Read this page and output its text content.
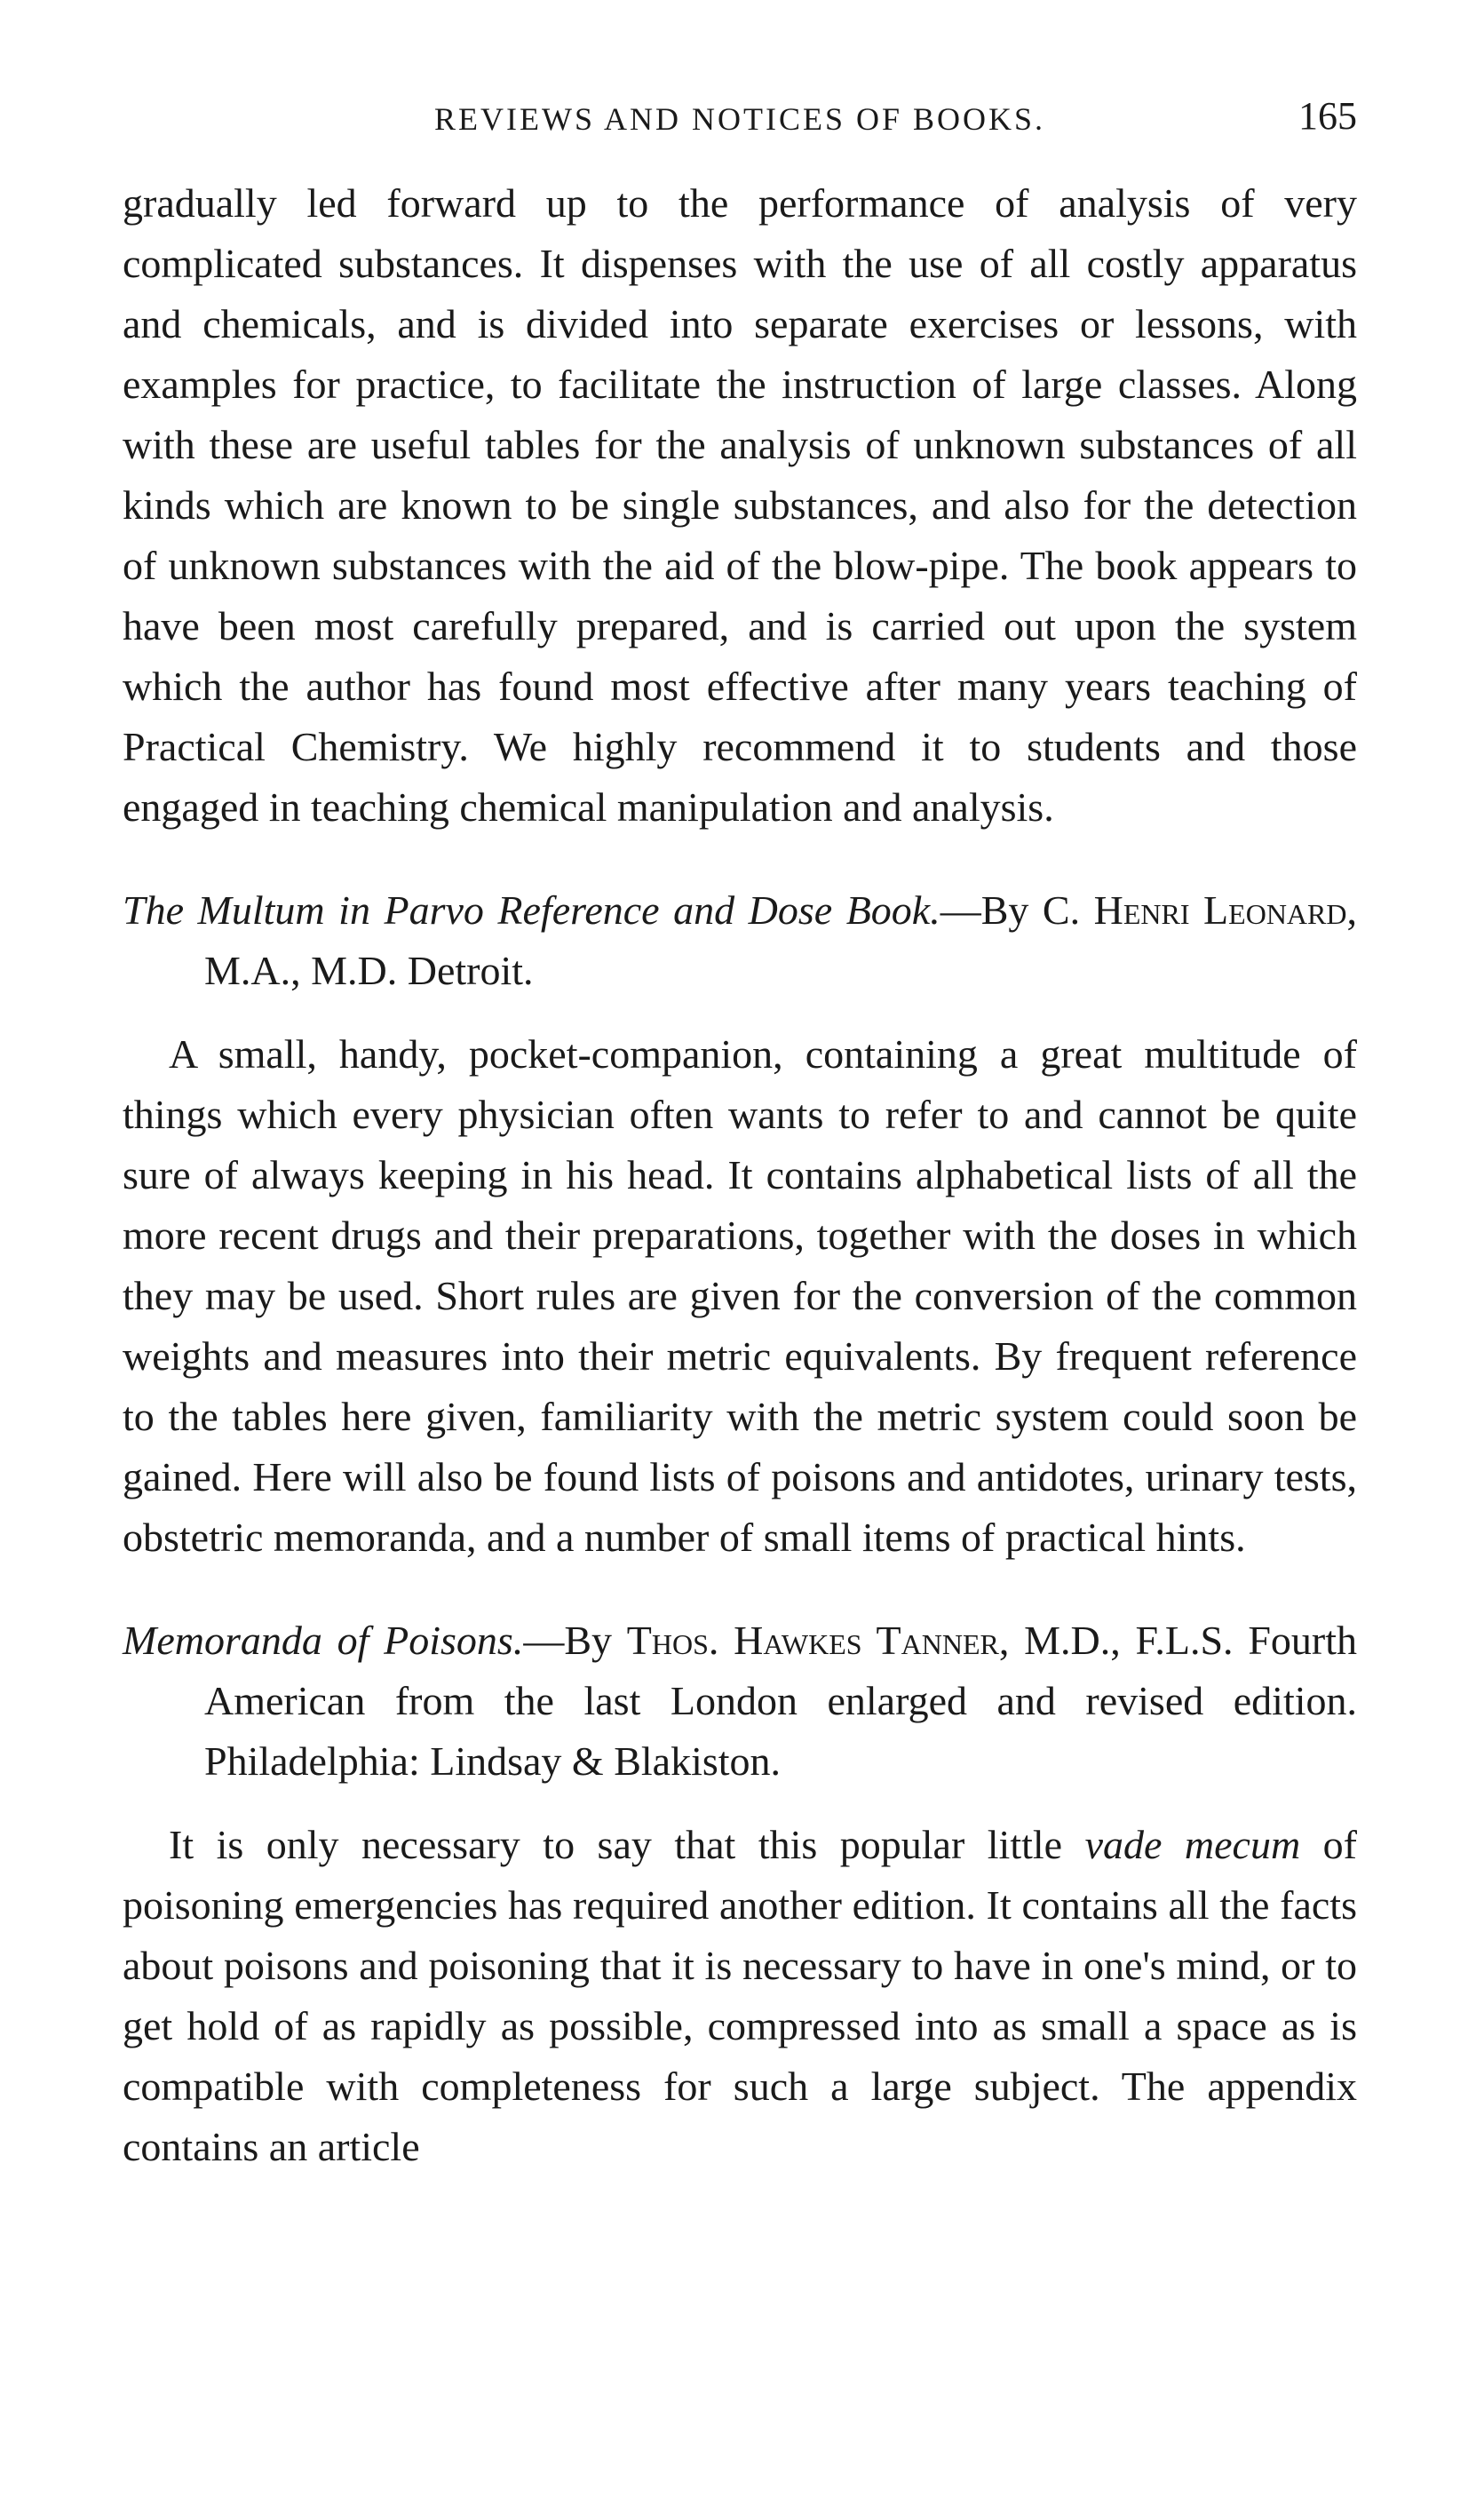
REVIEWS AND NOTICES OF BOOKS.	165

gradually led forward up to the performance of analysis of very complicated substances. It dispenses with the use of all costly apparatus and chemicals, and is divided into separate exercises or lessons, with examples for practice, to facilitate the instruction of large classes. Along with these are useful tables for the analysis of unknown substances of all kinds which are known to be single substances, and also for the detection of unknown substances with the aid of the blow-pipe. The book appears to have been most carefully prepared, and is carried out upon the system which the author has found most effective after many years teaching of Practical Chemistry. We highly recommend it to students and those engaged in teaching chemical manipulation and analysis.

The Multum in Parvo Reference and Dose Book.—By C. Henri Leonard, M.A., M.D. Detroit.

A small, handy, pocket-companion, containing a great multitude of things which every physician often wants to refer to and cannot be quite sure of always keeping in his head. It contains alphabetical lists of all the more recent drugs and their preparations, together with the doses in which they may be used. Short rules are given for the conversion of the common weights and measures into their metric equivalents. By frequent reference to the tables here given, familiarity with the metric system could soon be gained. Here will also be found lists of poisons and antidotes, urinary tests, obstetric memoranda, and a number of small items of practical hints.

Memoranda of Poisons.—By Thos. Hawkes Tanner, M.D., F.L.S. Fourth American from the last London enlarged and revised edition. Philadelphia: Lindsay & Blakiston.

It is only necessary to say that this popular little vade mecum of poisoning emergencies has required another edition. It contains all the facts about poisons and poisoning that it is necessary to have in one's mind, or to get hold of as rapidly as possible, compressed into as small a space as is compatible with completeness for such a large subject. The appendix contains an article
